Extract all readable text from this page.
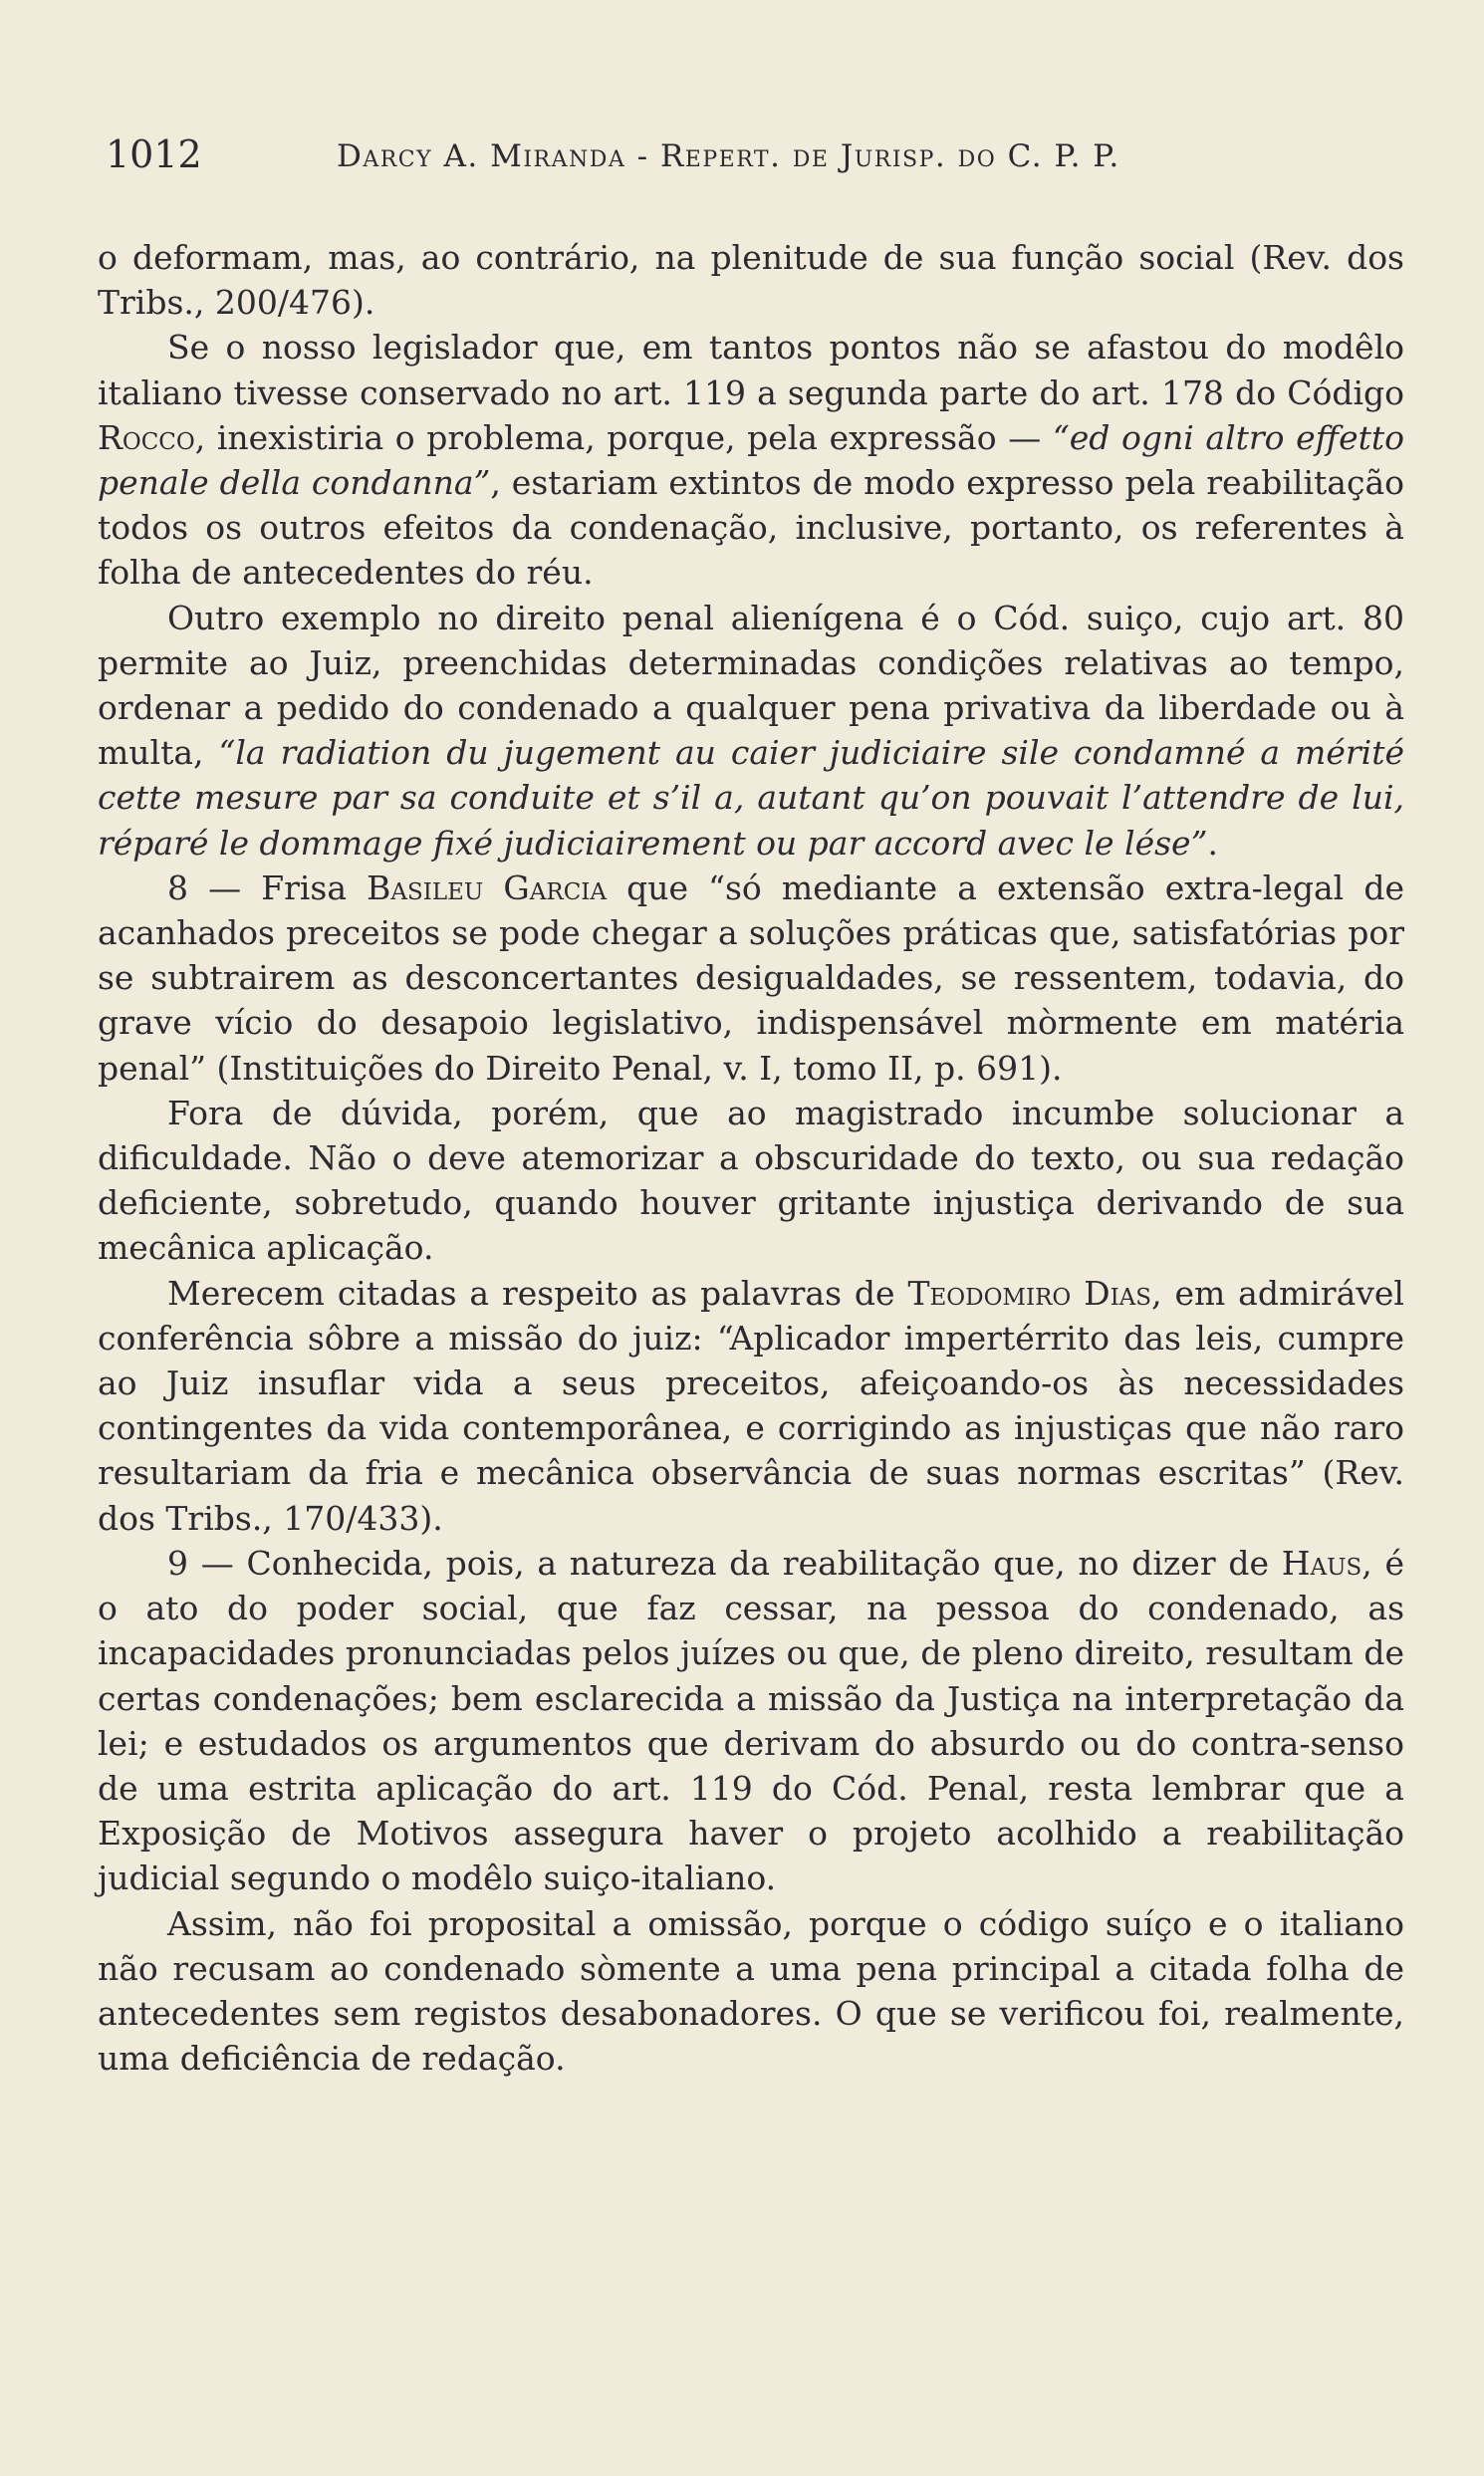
1012	Darcy A. Miranda - Repert. de Jurisp. do C. P. P.

o deformam, mas, ao contrário, na plenitude de sua função social (Rev. dos Tribs., 200/476).

Se o nosso legislador que, em tantos pontos não se afastou do modêlo italiano tivesse conservado no art. 119 a segunda parte do art. 178 do Código Rocco, inexistiria o problema, porque, pela expressão — “ed ogni altro effetto penale della condanna”, estariam extintos de modo expresso pela reabilitação todos os outros efeitos da condenação, inclusive, portanto, os referentes à folha de antecedentes do réu.

Outro exemplo no direito penal alienígena é o Cód. suiço, cujo art. 80 permite ao Juiz, preenchidas determinadas condições relativas ao tempo, ordenar a pedido do condenado a qualquer pena privativa da liberdade ou à multa, “la radiation du jugement au caier judiciaire sile condamné a mérité cette mesure par sa conduite et s’il a, autant qu’on pouvait l’attendre de lui, réparé le dommage fixé judiciairement ou par accord avec le lése”.

8 — Frisa Basileu Garcia que “só mediante a extensão extra-legal de acanhados preceitos se pode chegar a soluções práticas que, satisfatórias por se subtrairem as desconcertantes desigualdades, se ressentem, todavia, do grave vício do desapoio legislativo, indispensável mòrmente em matéria penal” (Instituições do Direito Penal, v. I, tomo II, p. 691).

Fora de dúvida, porém, que ao magistrado incumbe solucionar a dificuldade. Não o deve atemorizar a obscuridade do texto, ou sua redação deficiente, sobretudo, quando houver gritante injustiça derivando de sua mecânica aplicação.

Merecem citadas a respeito as palavras de Teodomiro Dias, em admirável conferência sôbre a missão do juiz: “Aplicador impertérrito das leis, cumpre ao Juiz insuflar vida a seus preceitos, afeiçoando-os às necessidades contingentes da vida contemporânea, e corrigindo as injustiças que não raro resultariam da fria e mecânica observância de suas normas escritas” (Rev. dos Tribs., 170/433).

9 — Conhecida, pois, a natureza da reabilitação que, no dizer de Haus, é o ato do poder social, que faz cessar, na pessoa do condenado, as incapacidades pronunciadas pelos juízes ou que, de pleno direito, resultam de certas condenações; bem esclarecida a missão da Justiça na interpretação da lei; e estudados os argumentos que derivam do absurdo ou do contra-senso de uma estrita aplicação do art. 119 do Cód. Penal, resta lembrar que a Exposição de Motivos assegura haver o projeto acolhido a reabilitação judicial segundo o modêlo suiço-italiano.

Assim, não foi proposital a omissão, porque o código suíço e o italiano não recusam ao condenado sòmente a uma pena principal a citada folha de antecedentes sem registos desabonadores. O que se verificou foi, realmente, uma deficiência de redação.
